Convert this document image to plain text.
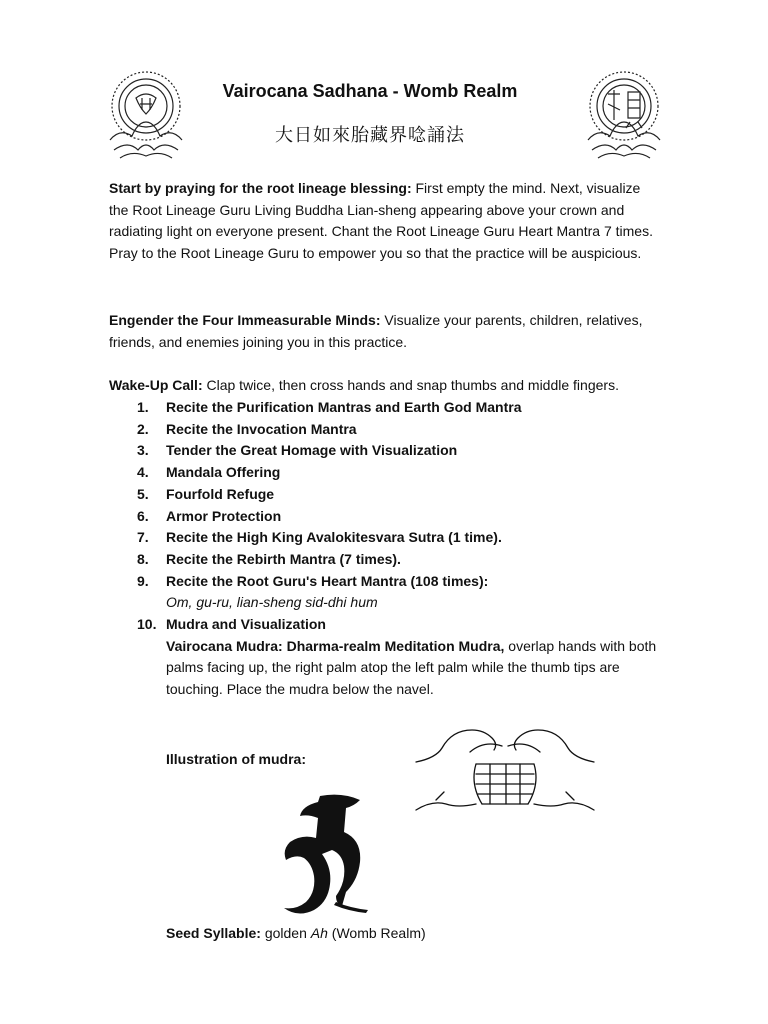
Vairocana Sadhana - Womb Realm
大日如來胎藏界唸誦法
Start by praying for the root lineage blessing: First empty the mind. Next, visualize the Root Lineage Guru Living Buddha Lian-sheng appearing above your crown and radiating light on everyone present. Chant the Root Lineage Guru Heart Mantra 7 times. Pray to the Root Lineage Guru to empower you so that the practice will be auspicious.
Engender the Four Immeasurable Minds: Visualize your parents, children, relatives, friends, and enemies joining you in this practice.
Wake-Up Call: Clap twice, then cross hands and snap thumbs and middle fingers.
1. Recite the Purification Mantras and Earth God Mantra
2. Recite the Invocation Mantra
3. Tender the Great Homage with Visualization
4. Mandala Offering
5. Fourfold Refuge
6. Armor Protection
7. Recite the High King Avalokitesvara Sutra (1 time).
8. Recite the Rebirth Mantra (7 times).
9. Recite the Root Guru's Heart Mantra (108 times):
Om, gu-ru, lian-sheng sid-dhi hum
10. Mudra and Visualization
Vairocana Mudra: Dharma-realm Meditation Mudra, overlap hands with both palms facing up, the right palm atop the left palm while the thumb tips are touching. Place the mudra below the navel.
Illustration of mudra:
Seed Syllable: golden Ah (Womb Realm)
